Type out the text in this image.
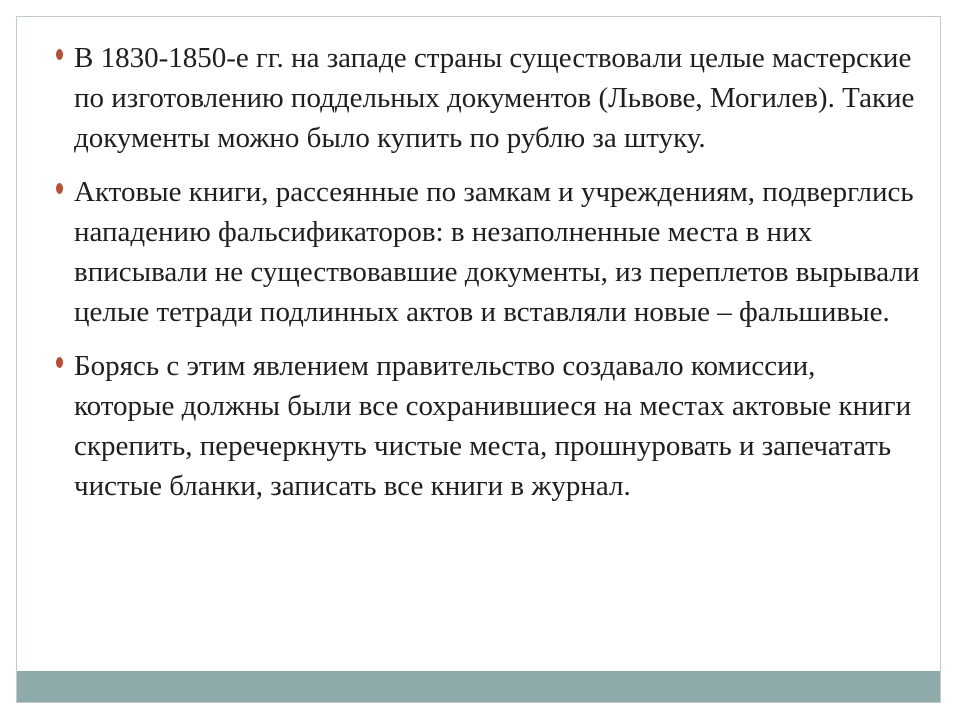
В 1830-1850-е гг. на западе страны существовали целые мастерские по изготовлению поддельных документов (Львове, Могилев). Такие документы можно было купить по рублю за штуку.
Актовые книги, рассеянные по замкам и учреждениям, подверглись нападению фальсификаторов: в незаполненные места в них вписывали не существовавшие документы, из переплетов вырывали целые тетради подлинных актов и вставляли новые – фальшивые.
Борясь с этим явлением правительство создавало комиссии, которые должны были все сохранившиеся на местах актовые книги скрепить, перечеркнуть чистые места, прошнуровать и запечатать чистые бланки, записать все книги в журнал.
